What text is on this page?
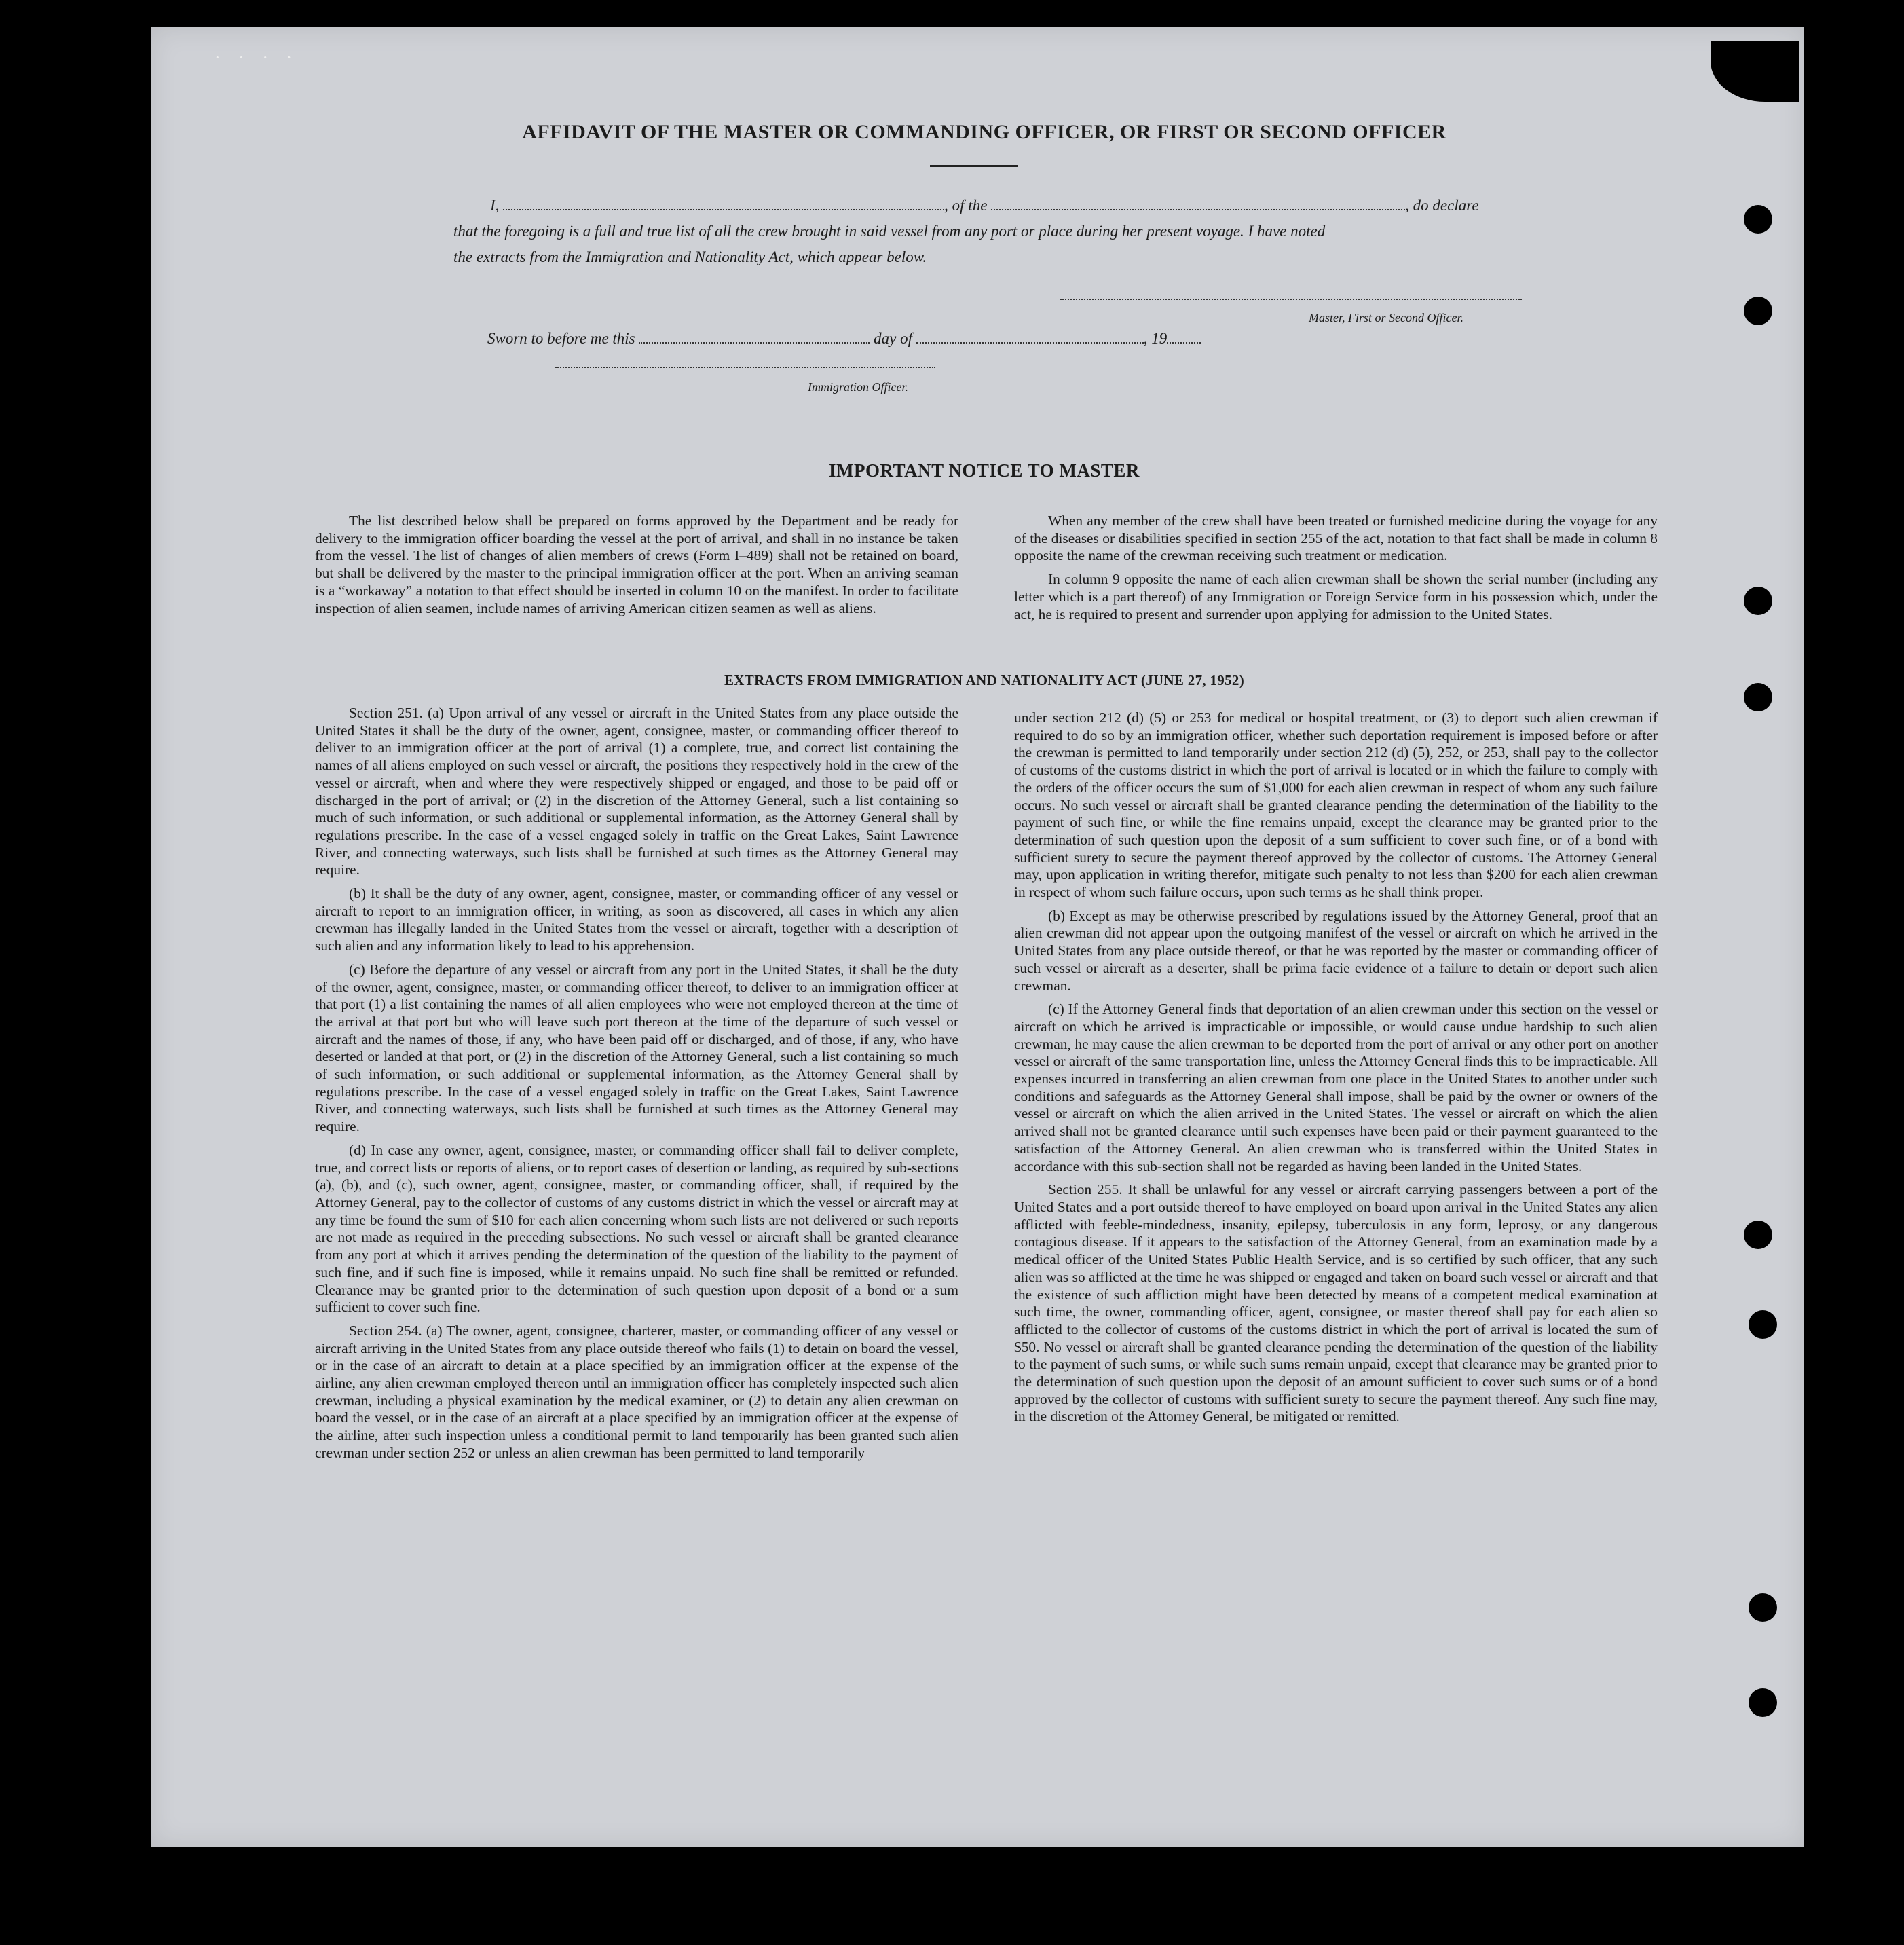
· · · ·
AFFIDAVIT OF THE MASTER OR COMMANDING OFFICER, OR FIRST OR SECOND OFFICER
I,	, of the	, do declare
that the foregoing is a full and true list of all the crew brought in said vessel from any port or place during her present voyage. I have noted
the extracts from the Immigration and Nationality Act, which appear below.
Master, First or Second Officer.
Sworn to before me this	day of	, 19
Immigration Officer.
IMPORTANT NOTICE TO MASTER

The list described below shall be prepared on forms approved by the Department and be ready for delivery to the immigration officer boarding the vessel at the port of arrival, and shall in no instance be taken from the vessel. The list of changes of alien members of crews (Form I–489) shall not be retained on board, but shall be delivered by the master to the principal immigration officer at the port. When an arriving seaman is a “workaway” a notation to that effect should be inserted in column 10 on the manifest. In order to facilitate inspection of alien seamen, include names of arriving American citizen seamen as well as aliens.

When any member of the crew shall have been treated or furnished medicine during the voyage for any of the diseases or disabilities specified in section 255 of the act, notation to that fact shall be made in column 8 opposite the name of the crewman receiving such treatment or medication.

In column 9 opposite the name of each alien crewman shall be shown the serial number (including any letter which is a part thereof) of any Immigration or Foreign Service form in his possession which, under the act, he is required to present and surrender upon applying for admission to the United States.

EXTRACTS FROM IMMIGRATION AND NATIONALITY ACT (JUNE 27, 1952)

Section 251. (a) Upon arrival of any vessel or aircraft in the United States from any place outside the United States it shall be the duty of the owner, agent, consignee, master, or commanding officer thereof to deliver to an immigration officer at the port of arrival (1) a complete, true, and correct list containing the names of all aliens employed on such vessel or aircraft, the positions they respectively hold in the crew of the vessel or aircraft, when and where they were respectively shipped or engaged, and those to be paid off or discharged in the port of arrival; or (2) in the discretion of the Attorney General, such a list containing so much of such information, or such additional or supplemental information, as the Attorney General shall by regulations prescribe. In the case of a vessel engaged solely in traffic on the Great Lakes, Saint Lawrence River, and connecting waterways, such lists shall be furnished at such times as the Attorney General may require.

(b) It shall be the duty of any owner, agent, consignee, master, or commanding officer of any vessel or aircraft to report to an immigration officer, in writing, as soon as discovered, all cases in which any alien crewman has illegally landed in the United States from the vessel or aircraft, together with a description of such alien and any information likely to lead to his apprehension.

(c) Before the departure of any vessel or aircraft from any port in the United States, it shall be the duty of the owner, agent, consignee, master, or commanding officer thereof, to deliver to an immigration officer at that port (1) a list containing the names of all alien employees who were not employed thereon at the time of the arrival at that port but who will leave such port thereon at the time of the departure of such vessel or aircraft and the names of those, if any, who have been paid off or discharged, and of those, if any, who have deserted or landed at that port, or (2) in the discretion of the Attorney General, such a list containing so much of such information, or such additional or supplemental information, as the Attorney General shall by regulations prescribe. In the case of a vessel engaged solely in traffic on the Great Lakes, Saint Lawrence River, and connecting waterways, such lists shall be furnished at such times as the Attorney General may require.

(d) In case any owner, agent, consignee, master, or commanding officer shall fail to deliver complete, true, and correct lists or reports of aliens, or to report cases of desertion or landing, as required by sub-sections (a), (b), and (c), such owner, agent, consignee, master, or commanding officer, shall, if required by the Attorney General, pay to the collector of customs of any customs district in which the vessel or aircraft may at any time be found the sum of $10 for each alien concerning whom such lists are not delivered or such reports are not made as required in the preceding subsections. No such vessel or aircraft shall be granted clearance from any port at which it arrives pending the determination of the question of the liability to the payment of such fine, and if such fine is imposed, while it remains unpaid. No such fine shall be remitted or refunded. Clearance may be granted prior to the determination of such question upon deposit of a bond or a sum sufficient to cover such fine.

Section 254. (a) The owner, agent, consignee, charterer, master, or commanding officer of any vessel or aircraft arriving in the United States from any place outside thereof who fails (1) to detain on board the vessel, or in the case of an aircraft to detain at a place specified by an immigration officer at the expense of the airline, any alien crewman employed thereon until an immigration officer has completely inspected such alien crewman, including a physical examination by the medical examiner, or (2) to detain any alien crewman on board the vessel, or in the case of an aircraft at a place specified by an immigration officer at the expense of the airline, after such inspection unless a conditional permit to land temporarily has been granted such alien crewman under section 252 or unless an alien crewman has been permitted to land temporarily

under section 212 (d) (5) or 253 for medical or hospital treatment, or (3) to deport such alien crewman if required to do so by an immigration officer, whether such deportation requirement is imposed before or after the crewman is permitted to land temporarily under section 212 (d) (5), 252, or 253, shall pay to the collector of customs of the customs district in which the port of arrival is located or in which the failure to comply with the orders of the officer occurs the sum of $1,000 for each alien crewman in respect of whom any such failure occurs. No such vessel or aircraft shall be granted clearance pending the determination of the liability to the payment of such fine, or while the fine remains unpaid, except the clearance may be granted prior to the determination of such question upon the deposit of a sum sufficient to cover such fine, or of a bond with sufficient surety to secure the payment thereof approved by the collector of customs. The Attorney General may, upon application in writing therefor, mitigate such penalty to not less than $200 for each alien crewman in respect of whom such failure occurs, upon such terms as he shall think proper.

(b) Except as may be otherwise prescribed by regulations issued by the Attorney General, proof that an alien crewman did not appear upon the outgoing manifest of the vessel or aircraft on which he arrived in the United States from any place outside thereof, or that he was reported by the master or commanding officer of such vessel or aircraft as a deserter, shall be prima facie evidence of a failure to detain or deport such alien crewman.

(c) If the Attorney General finds that deportation of an alien crewman under this section on the vessel or aircraft on which he arrived is impracticable or impossible, or would cause undue hardship to such alien crewman, he may cause the alien crewman to be deported from the port of arrival or any other port on another vessel or aircraft of the same transportation line, unless the Attorney General finds this to be impracticable. All expenses incurred in transferring an alien crewman from one place in the United States to another under such conditions and safeguards as the Attorney General shall impose, shall be paid by the owner or owners of the vessel or aircraft on which the alien arrived in the United States. The vessel or aircraft on which the alien arrived shall not be granted clearance until such expenses have been paid or their payment guaranteed to the satisfaction of the Attorney General. An alien crewman who is transferred within the United States in accordance with this sub-section shall not be regarded as having been landed in the United States.

Section 255. It shall be unlawful for any vessel or aircraft carrying passengers between a port of the United States and a port outside thereof to have employed on board upon arrival in the United States any alien afflicted with feeble-mindedness, insanity, epilepsy, tuberculosis in any form, leprosy, or any dangerous contagious disease. If it appears to the satisfaction of the Attorney General, from an examination made by a medical officer of the United States Public Health Service, and is so certified by such officer, that any such alien was so afflicted at the time he was shipped or engaged and taken on board such vessel or aircraft and that the existence of such affliction might have been detected by means of a competent medical examination at such time, the owner, commanding officer, agent, consignee, or master thereof shall pay for each alien so afflicted to the collector of customs of the customs district in which the port of arrival is located the sum of $50. No vessel or aircraft shall be granted clearance pending the determination of the question of the liability to the payment of such sums, or while such sums remain unpaid, except that clearance may be granted prior to the determination of such question upon the deposit of an amount sufficient to cover such sums or of a bond approved by the collector of customs with sufficient surety to secure the payment thereof. Any such fine may, in the discretion of the Attorney General, be mitigated or remitted.
